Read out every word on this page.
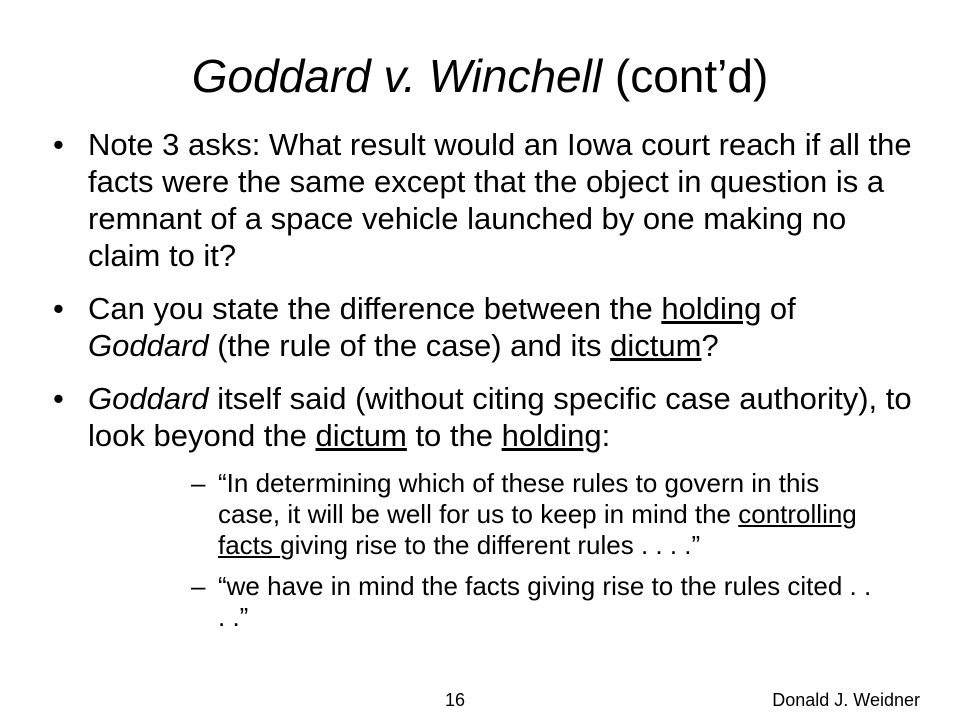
Goddard v. Winchell (cont’d)
• Note 3 asks: What result would an Iowa court reach if all the facts were the same except that the object in question is a remnant of a space vehicle launched by one making no claim to it?
• Can you state the difference between the holding of Goddard (the rule of the case) and its dictum?
• Goddard itself said (without citing specific case authority), to look beyond the dictum to the holding:
– “In determining which of these rules to govern in this case, it will be well for us to keep in mind the controlling facts giving rise to the different rules . . . .”
– “we have in mind the facts giving rise to the rules cited . . . .”
16	Donald J. Weidner
